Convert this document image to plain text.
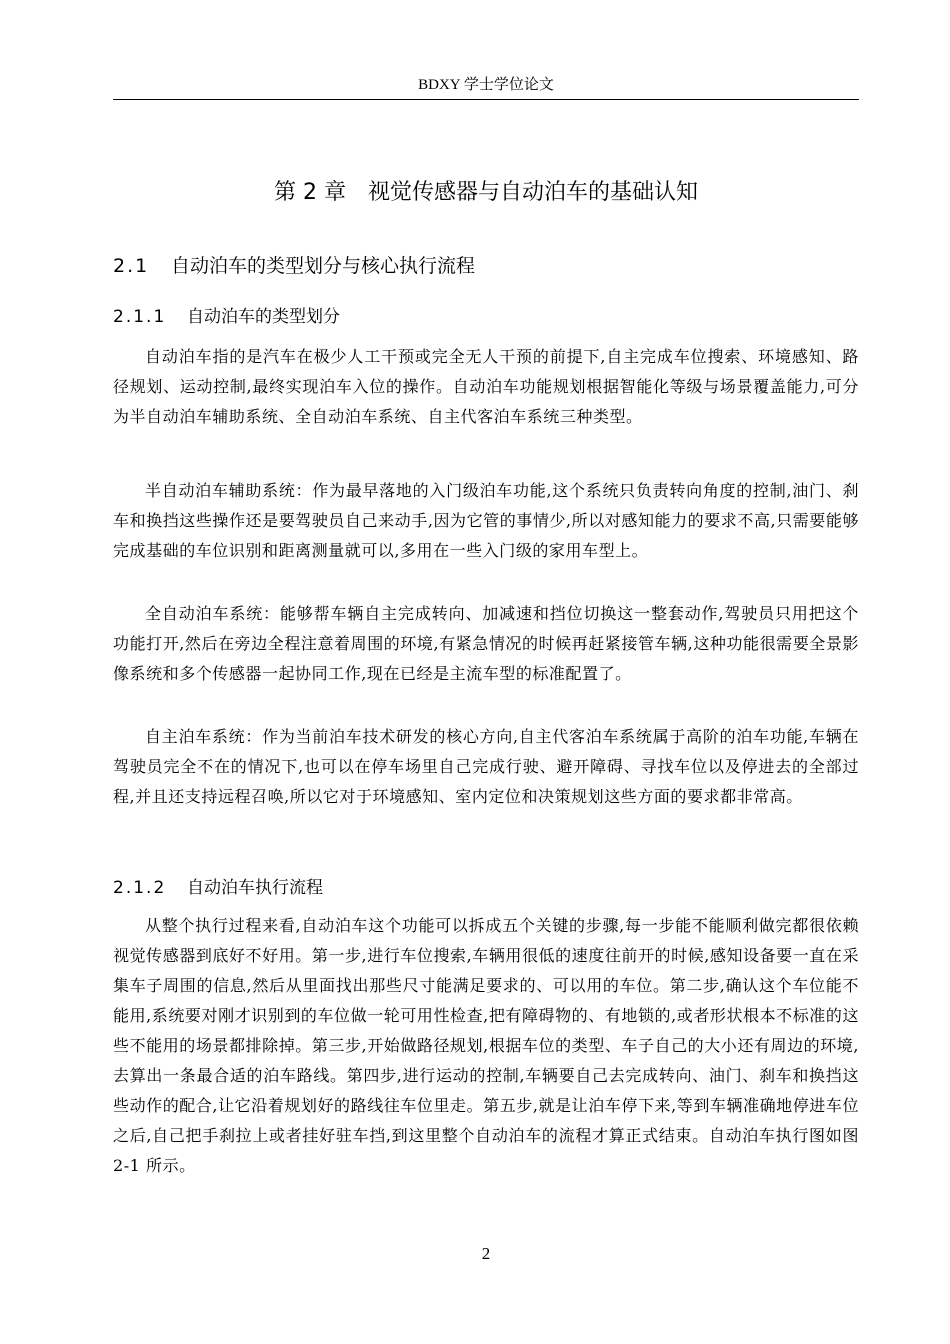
BDXY 学士学位论文
第 2 章 视觉传感器与自动泊车的基础认知
2.1 自动泊车的类型划分与核心执行流程
2.1.1 自动泊车的类型划分

自动泊车指的是汽车在极少人工干预或完全无人干预的前提下,自主完成车位搜索、环境感知、路径规划、运动控制,最终实现泊车入位的操作。自动泊车功能规划根据智能化等级与场景覆盖能力,可分为半自动泊车辅助系统、全自动泊车系统、自主代客泊车系统三种类型。

半自动泊车辅助系统：作为最早落地的入门级泊车功能,这个系统只负责转向角度的控制,油门、刹车和换挡这些操作还是要驾驶员自己来动手,因为它管的事情少,所以对感知能力的要求不高,只需要能够完成基础的车位识别和距离测量就可以,多用在一些入门级的家用车型上。

全自动泊车系统：能够帮车辆自主完成转向、加减速和挡位切换这一整套动作,驾驶员只用把这个功能打开,然后在旁边全程注意着周围的环境,有紧急情况的时候再赶紧接管车辆,这种功能很需要全景影像系统和多个传感器一起协同工作,现在已经是主流车型的标准配置了。

自主泊车系统：作为当前泊车技术研发的核心方向,自主代客泊车系统属于高阶的泊车功能,车辆在驾驶员完全不在的情况下,也可以在停车场里自己完成行驶、避开障碍、寻找车位以及停进去的全部过程,并且还支持远程召唤,所以它对于环境感知、室内定位和决策规划这些方面的要求都非常高。

2.1.2 自动泊车执行流程

从整个执行过程来看,自动泊车这个功能可以拆成五个关键的步骤,每一步能不能顺利做完都很依赖视觉传感器到底好不好用。第一步,进行车位搜索,车辆用很低的速度往前开的时候,感知设备要一直在采集车子周围的信息,然后从里面找出那些尺寸能满足要求的、可以用的车位。第二步,确认这个车位能不能用,系统要对刚才识别到的车位做一轮可用性检查,把有障碍物的、有地锁的,或者形状根本不标准的这些不能用的场景都排除掉。第三步,开始做路径规划,根据车位的类型、车子自己的大小还有周边的环境,去算出一条最合适的泊车路线。第四步,进行运动的控制,车辆要自己去完成转向、油门、刹车和换挡这些动作的配合,让它沿着规划好的路线往车位里走。第五步,就是让泊车停下来,等到车辆准确地停进车位之后,自己把手刹拉上或者挂好驻车挡,到这里整个自动泊车的流程才算正式结束。自动泊车执行图如图 2-1 所示。

2
